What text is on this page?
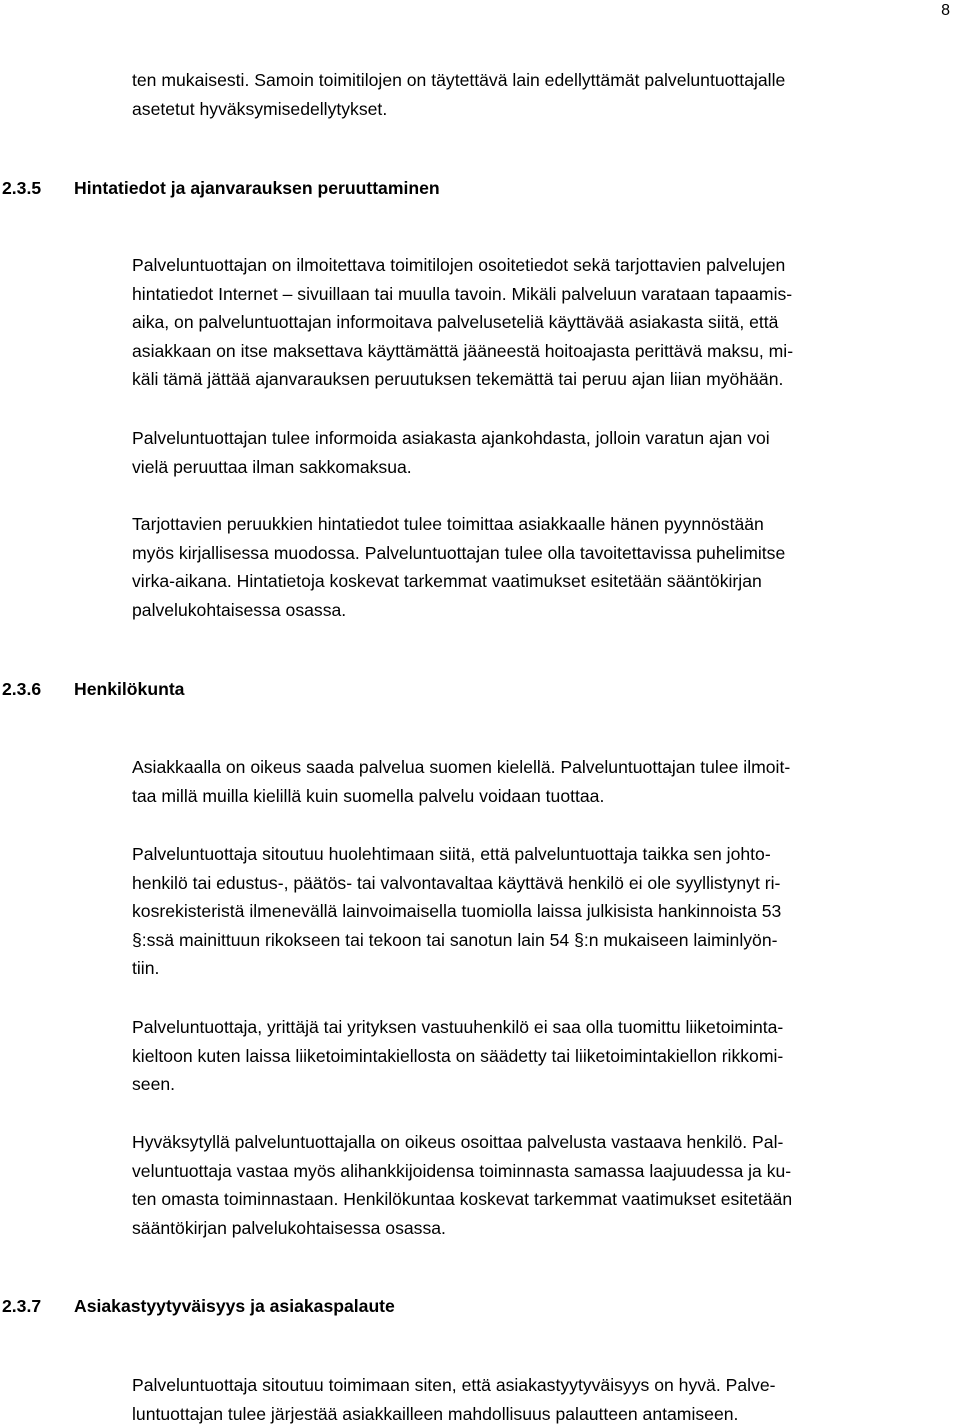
8

ten mukaisesti. Samoin toimitilojen on täytettävä lain edellyttämät palveluntuottajalle
asetetut hyväksymisedellytykset.

2.3.5 Hintatiedot ja ajanvarauksen peruuttaminen

Palveluntuottajan on ilmoitettava toimitilojen osoitetiedot sekä tarjottavien palvelujen
hintatiedot Internet – sivuillaan tai muulla tavoin. Mikäli palveluun varataan tapaamis-
aika, on palveluntuottajan informoitava palveluseteliä käyttävää asiakasta siitä, että
asiakkaan on itse maksettava käyttämättä jääneestä hoitoajasta perittävä maksu, mi-
käli tämä jättää ajanvarauksen peruutuksen tekemättä tai peruu ajan liian myöhään.

Palveluntuottajan tulee informoida asiakasta ajankohdasta, jolloin varatun ajan voi
vielä peruuttaa ilman sakkomaksua.

Tarjottavien peruukkien hintatiedot tulee toimittaa asiakkaalle hänen pyynnöstään
myös kirjallisessa muodossa. Palveluntuottajan tulee olla tavoitettavissa puhelimitse
virka-aikana. Hintatietoja koskevat tarkemmat vaatimukset esitetään sääntökirjan
palvelukohtaisessa osassa.

2.3.6 Henkilökunta

Asiakkaalla on oikeus saada palvelua suomen kielellä. Palveluntuottajan tulee ilmoit-
taa millä muilla kielillä kuin suomella palvelu voidaan tuottaa.

Palveluntuottaja sitoutuu huolehtimaan siitä, että palveluntuottaja taikka sen johto-
henkilö tai edustus-, päätös- tai valvontavaltaa käyttävä henkilö ei ole syyllistynyt ri-
kosrekisteristä ilmenevällä lainvoimaisella tuomiolla laissa julkisista hankinnoista 53
§:ssä mainittuun rikokseen tai tekoon tai sanotun lain 54 §:n mukaiseen laiminlyön-
tiin.

Palveluntuottaja, yrittäjä tai yrityksen vastuuhenkilö ei saa olla tuomittu liiketoiminta-
kieltoon kuten laissa liiketoimintakiellosta on säädetty tai liiketoimintakiellon rikkomi-
seen.

Hyväksytyllä palveluntuottajalla on oikeus osoittaa palvelusta vastaava henkilö. Pal-
veluntuottaja vastaa myös alihankkijoidensa toiminnasta samassa laajuudessa ja ku-
ten omasta toiminnastaan. Henkilökuntaa koskevat tarkemmat vaatimukset esitetään
sääntökirjan palvelukohtaisessa osassa.

2.3.7 Asiakastyytyväisyys ja asiakaspalaute

Palveluntuottaja sitoutuu toimimaan siten, että asiakastyytyväisyys on hyvä. Palve-
luntuottajan tulee järjestää asiakkailleen mahdollisuus palautteen antamiseen.
